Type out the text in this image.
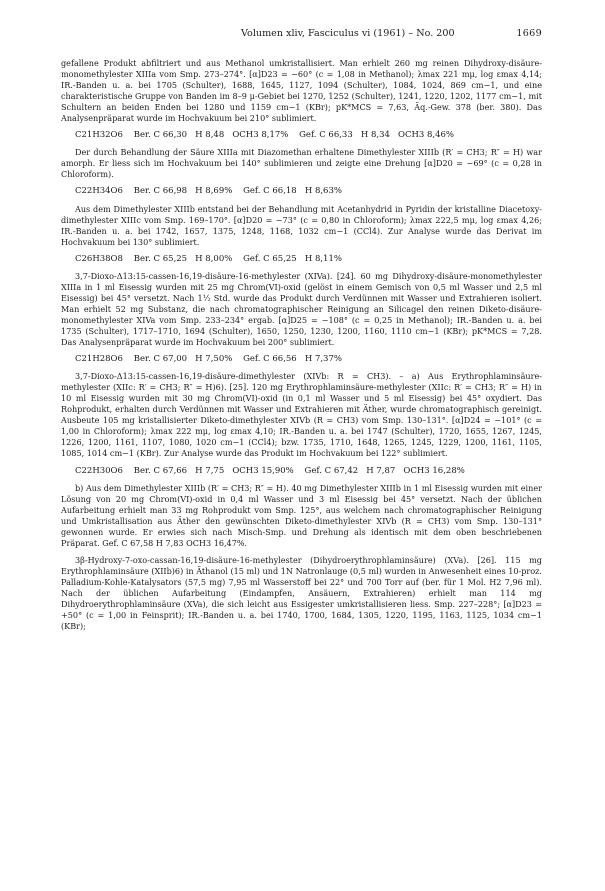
Volumen xliv, Fasciculus vi (1961) – No. 200	1669

gefallene Produkt abfiltriert und aus Methanol umkristallisiert. Man erhielt 260 mg reinen Dihydroxy-disäure-monomethylester XIIIa vom Smp. 273–274°. [α]D23 = −60° (c = 1,08 in Methanol); λmax 221 mμ, log εmax 4,14; IR.-Banden u. a. bei 1705 (Schulter), 1688, 1645, 1127, 1094 (Schulter), 1084, 1024, 869 cm−1, und eine charakteristische Gruppe von Banden im 8–9 μ-Gebiet bei 1270, 1252 (Schulter), 1241, 1220, 1202, 1177 cm−1, mit Schultern an beiden Enden bei 1280 und 1159 cm−1 (KBr); pK*MCS = 7,63, Äq.-Gew. 378 (ber. 380). Das Analysenpräparat wurde im Hochvakuum bei 210° sublimiert.

C21H32O6    Ber. C 66,30   H 8,48   OCH3 8,17%    Gef. C 66,33   H 8,34   OCH3 8,46%

Der durch Behandlung der Säure XIIIa mit Diazomethan erhaltene Dimethylester XIIIb (R′ = CH3; R″ = H) war amorph. Er liess sich im Hochvakuum bei 140° sublimieren und zeigte eine Drehung [α]D20 = −69° (c = 0,28 in Chloroform).

C22H34O6    Ber. C 66,98   H 8,69%    Gef. C 66,18   H 8,63%

Aus dem Dimethylester XIIIb entstand bei der Behandlung mit Acetanhydrid in Pyridin der kristalline Diacetoxy-dimethylester XIIIc vom Smp. 169–170°. [α]D20 = −73° (c = 0,80 in Chloroform); λmax 222,5 mμ, log εmax 4,26; IR.-Banden u. a. bei 1742, 1657, 1375, 1248, 1168, 1032 cm−1 (CCl4). Zur Analyse wurde das Derivat im Hochvakuum bei 130° sublimiert.

C26H38O8    Ber. C 65,25   H 8,00%    Gef. C 65,25   H 8,11%

3,7-Dioxo-Δ13:15-cassen-16,19-disäure-16-methylester (XIVa). [24]. 60 mg Dihydroxy-disäure-monomethylester XIIIa in 1 ml Eisessig wurden mit 25 mg Chrom(VI)-oxid (gelöst in einem Gemisch von 0,5 ml Wasser und 2,5 ml Eisessig) bei 45° versetzt. Nach 1½ Std. wurde das Produkt durch Verdünnen mit Wasser und Extrahieren isoliert. Man erhielt 52 mg Substanz, die nach chromatographischer Reinigung an Silicagel den reinen Diketo-disäure-monomethylester XIVa vom Smp. 233–234° ergab. [α]D25 = −108° (c = 0,25 in Methanol); IR.-Banden u. a. bei 1735 (Schulter), 1717–1710, 1694 (Schulter), 1650, 1250, 1230, 1200, 1160, 1110 cm−1 (KBr); pK*MCS = 7,28. Das Analysenpräparat wurde im Hochvakuum bei 200° sublimiert.

C21H28O6    Ber. C 67,00   H 7,50%    Gef. C 66,56   H 7,37%

3,7-Dioxo-Δ13:15-cassen-16,19-disäure-dimethylester (XIVb: R = CH3). – a) Aus Erythrophlaminsäure-methylester (XIIc: R′ = CH3; R″ = H)6). [25]. 120 mg Erythrophlaminsäure-methylester (XIIc: R′ = CH3; R″ = H) in 10 ml Eisessig wurden mit 30 mg Chrom(VI)-oxid (in 0,1 ml Wasser und 5 ml Eisessig) bei 45° oxydiert. Das Rohprodukt, erhalten durch Verdünnen mit Wasser und Extrahieren mit Äther, wurde chromatographisch gereinigt. Ausbeute 105 mg kristallisierter Diketo-dimethylester XIVb (R = CH3) vom Smp. 130–131°. [α]D24 = −101° (c = 1,00 in Chloroform); λmax 222 mμ, log εmax 4,10; IR.-Banden u. a. bei 1747 (Schulter), 1720, 1655, 1267, 1245, 1226, 1200, 1161, 1107, 1080, 1020 cm−1 (CCl4); bzw. 1735, 1710, 1648, 1265, 1245, 1229, 1200, 1161, 1105, 1085, 1014 cm−1 (KBr). Zur Analyse wurde das Produkt im Hochvakuum bei 122° sublimiert.

C22H30O6    Ber. C 67,66   H 7,75   OCH3 15,90%    Gef. C 67,42   H 7,87   OCH3 16,28%

b) Aus dem Dimethylester XIIIb (R′ = CH3; R″ = H). 40 mg Dimethylester XIIIb in 1 ml Eisessig wurden mit einer Lösung von 20 mg Chrom(VI)-oxid in 0,4 ml Wasser und 3 ml Eisessig bei 45° versetzt. Nach der üblichen Aufarbeitung erhielt man 33 mg Rohprodukt vom Smp. 125°, aus welchem nach chromatographischer Reinigung und Umkristallisation aus Äther den gewünschten Diketo-dimethylester XIVb (R = CH3) vom Smp. 130–131° gewonnen wurde. Er erwies sich nach Misch-Smp. und Drehung als identisch mit dem oben beschriebenen Präparat. Gef. C 67,58 H 7,83 OCH3 16,47%.

3β-Hydroxy-7-oxo-cassan-16,19-disäure-16-methylester (Dihydroerythrophlaminsäure) (XVa). [26]. 115 mg Erythrophlaminsäure (XIIb)6) in Äthanol (15 ml) und 1N Natronlauge (0,5 ml) wurden in Anwesenheit eines 10-proz. Palladium-Kohle-Katalysators (57,5 mg) 7,95 ml Wasserstoff bei 22° und 700 Torr auf (ber. für 1 Mol. H2 7,96 ml). Nach der üblichen Aufarbeitung (Eindampfen, Ansäuern, Extrahieren) erhielt man 114 mg Dihydroerythrophlaminsäure (XVa), die sich leicht aus Essigester umkristallisieren liess. Smp. 227–228°; [α]D23 = +50° (c = 1,00 in Feinsprit); IR.-Banden u. a. bei 1740, 1700, 1684, 1305, 1220, 1195, 1163, 1125, 1034 cm−1 (KBr);
